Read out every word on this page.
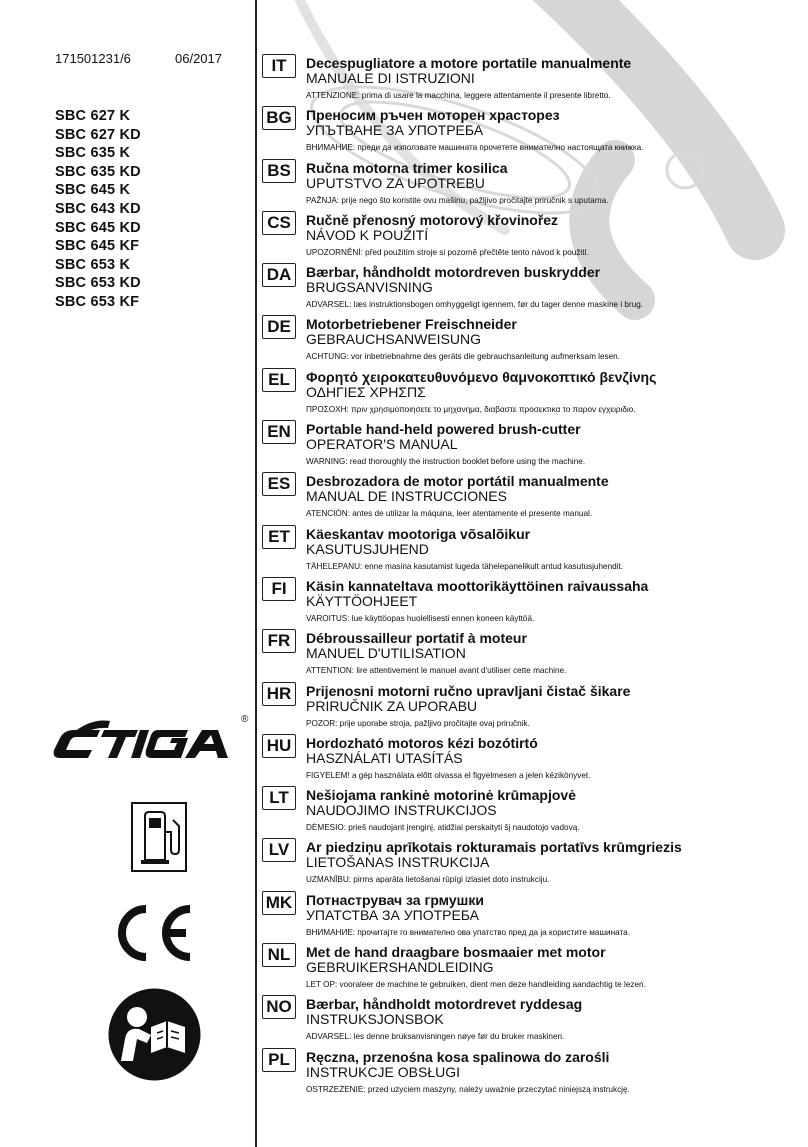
171501231/6	06/2017
SBC 627 K
SBC 627 KD
SBC 635 K
SBC 635 KD
SBC 645 K
SBC 643 KD
SBC 645 KD
SBC 645 KF
SBC 653 K
SBC 653 KD
SBC 653 KF
®
IT	Decespugliatore a motore portatile manualmente
MANUALE DI ISTRUZIONI
ATTENZIONE: prima di usare la macchina, leggere attentamente il presente libretto.
BG	Преносим ръчен моторен храсторез
УПЪТВАНЕ ЗА УПОТРЕБА
ВНИМАНИЕ: преди да използвате машината прочетете внимателно настоящата книжка.
BS	Ručna motorna trimer kosilica
UPUTSTVO ZA UPOTREBU
PAŽNJA: prije nego što koristite ovu mašinu, pažljivo pročitajte priručnik s uputama.
CS	Ručně přenosný motorový křovinořez
NÁVOD K POUŽITÍ
UPOZORNĚNÍ: před použitím stroje si pozorně přečtěte tento návod k použití.
DA	Bærbar, håndholdt motordreven buskrydder
BRUGSANVISNING
ADVARSEL: læs instruktionsbogen omhyggeligt igennem, før du tager denne maskine i brug.
DE	Motorbetriebener Freischneider
GEBRAUCHSANWEISUNG
ACHTUNG: vor inbetriebnahme des geräts die gebrauchsanleitung aufmerksam lesen.
EL	Φορητό χειροκατευθυνόμενο θαμνοκοπτικό βενζίνης
ΟΔΗΓΙΕΣ ΧΡΗΣΠΣ
ΠΡΟΣΟΧΗ: πριν χρησιμοποιησετε το μηχανημα, διαβαστε προσεκτικα το παρον εγχειριδιο.
EN	Portable hand-held powered brush-cutter
OPERATOR'S MANUAL
WARNING: read thoroughly the instruction booklet before using the machine.
ES	Desbrozadora de motor portátil manualmente
MANUAL DE INSTRUCCIONES
ATENCIÓN: antes de utilizar la máquina, leer atentamente el presente manual.
ET	Käeskantav mootoriga võsalõikur
KASUTUSJUHEND
TÄHELEPANU: enne masina kasutamist lugeda tähelepanelikult antud kasutusjuhendit.
FI	Käsin kannateltava moottorikäyttöinen raivaussaha
KÄYTTÖOHJEET
VAROITUS: lue käyttöopas huolellisesti ennen koneen käyttöä.
FR	Débroussailleur portatif à moteur
MANUEL D'UTILISATION
ATTENTION: lire attentivement le manuel avant d'utiliser cette machine.
HR	Prijenosni motorni ručno upravljani čistač šikare
PRIRUČNIK ZA UPORABU
POZOR: prije uporabe stroja, pažljivo pročitajte ovaj priručnik.
HU	Hordozható motoros kézi bozótirtó
HASZNÁLATI UTASÍTÁS
FIGYELEM! a gép használata előtt olvassa el figyelmesen a jelen kézikönyvet.
LT	Nešiojama rankinė motorinė krūmapjovė
NAUDOJIMO INSTRUKCIJOS
DĖMESIO: prieš naudojant įrenginį, atidžiai perskaityti šį naudotojo vadovą.
LV	Ar piedziņu aprīkotais rokturamais portatīvs krūmgriezis
LIETOŠANAS INSTRUKCIJA
UZMANĪBU: pirms aparāta lietošanai rūpīgi izlasiet doto instrukciju.
MK Потнаструвач за грмушки
УПАТСТВА ЗА УПОТРЕБА
ВНИМАНИЕ: прочитајте го внимателно ова упатство пред да ја користите машината.
NL	Met de hand draagbare bosmaaier met motor
GEBRUIKERSHANDLEIDING
LET OP: vooraleer de machine te gebruiken, dient men deze handleiding aandachtig te lezen.
NO	Bærbar, håndholdt motordrevet ryddesag
INSTRUKSJONSBOK
ADVARSEL: les denne bruksanvisningen nøye før du bruker maskinen.
PL	Ręczna, przenośna kosa spalinowa do zarośli
INSTRUKCJE OBSŁUGI
OSTRZEŻENIE: przed użyciem maszyny, należy uważnie przeczytać niniejszą instrukcję.
